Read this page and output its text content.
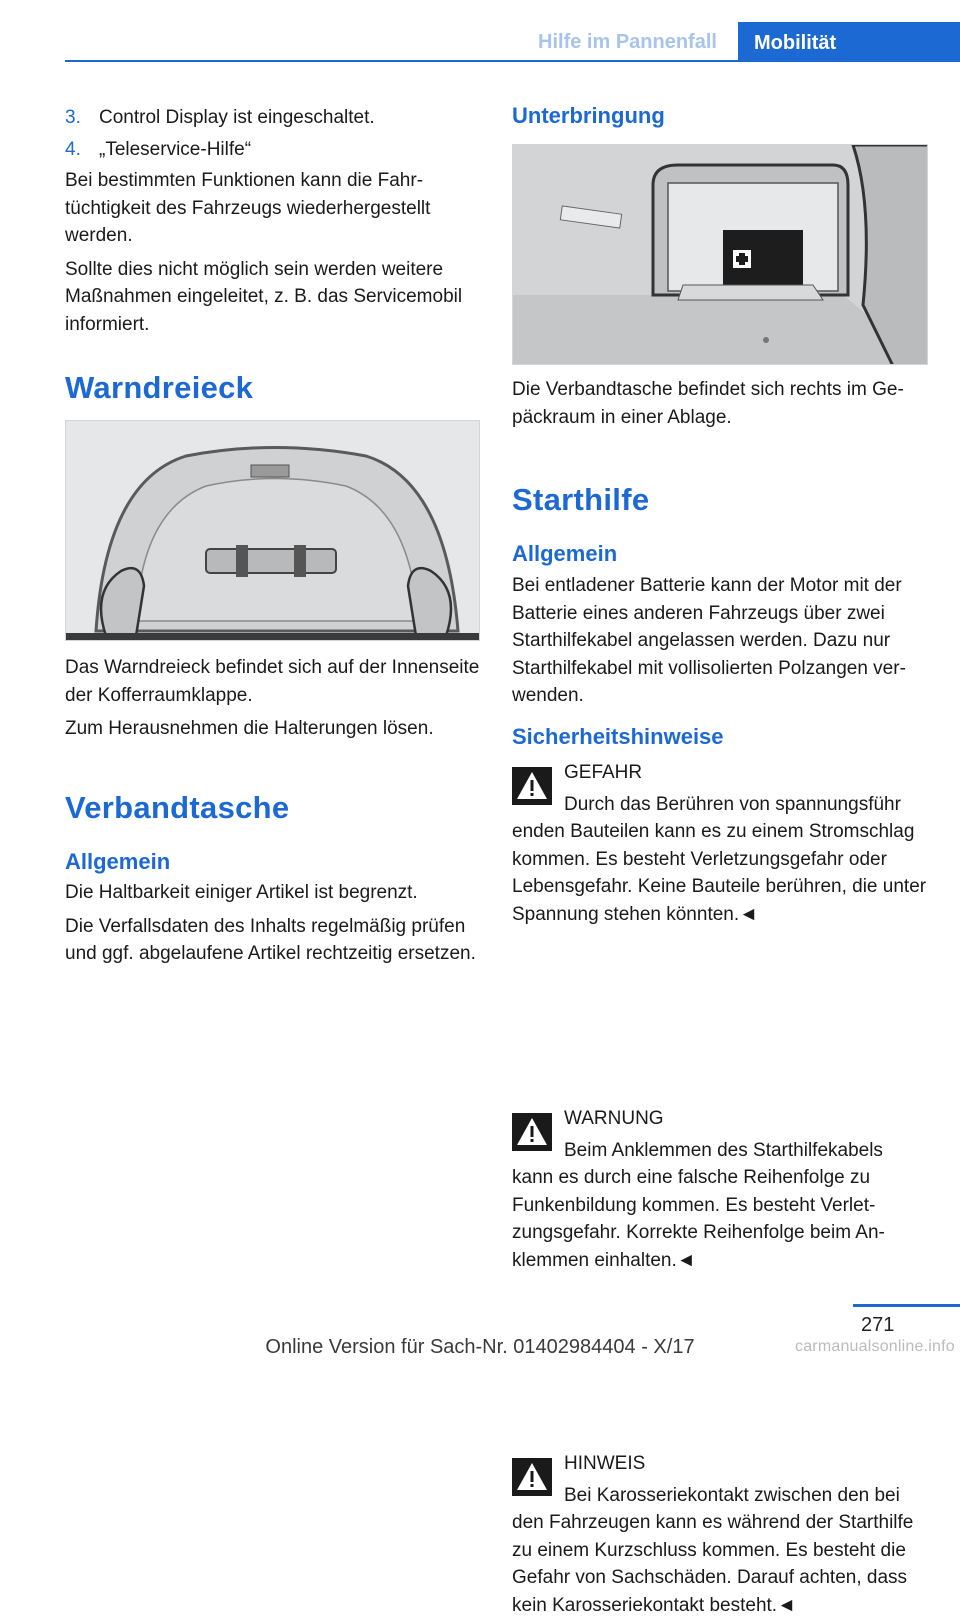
Hilfe im Pannenfall	Mobilität
3. Control Display ist eingeschaltet.
4. „Teleservice-Hilfe“

Bei bestimmten Funktionen kann die Fahrtüchtigkeit des Fahrzeugs wiederhergestellt werden.

Sollte dies nicht möglich sein werden weitere Maßnahmen eingeleitet, z. B. das Servicemobil informiert.

Warndreieck

Das Warndreieck befindet sich auf der Innenseite der Kofferraumklappe.

Zum Herausnehmen die Halterungen lösen.

Verbandtasche
Allgemein

Die Haltbarkeit einiger Artikel ist begrenzt.

Die Verfallsdaten des Inhalts regelmäßig prüfen und ggf. abgelaufene Artikel rechtzeitig ersetzen.

Unterbringung

Die Verbandtasche befindet sich rechts im Gepäckraum in einer Ablage.

Starthilfe
Allgemein

Bei entladener Batterie kann der Motor mit der Batterie eines anderen Fahrzeugs über zwei Starthilfekabel angelassen werden. Dazu nur Starthilfekabel mit vollisolierten Polzangen verwenden.

Sicherheitshinweise

GEFAHR

Durch das Berühren von spannungsführ

enden Bauteilen kann es zu einem Stromschlag kommen. Es besteht Verletzungsgefahr oder Lebensgefahr. Keine Bauteile berühren, die unter Spannung stehen könnten.◄

WARNUNG

Beim Anklemmen des Starthilfekabels

kann es durch eine falsche Reihenfolge zu Funkenbildung kommen. Es besteht Verletzungsgefahr. Korrekte Reihenfolge beim Anklemmen einhalten.◄

HINWEIS

Bei Karosseriekontakt zwischen den bei

den Fahrzeugen kann es während der Starthilfe zu einem Kurzschluss kommen. Es besteht die Gefahr von Sachschäden. Darauf achten, dass kein Karosseriekontakt besteht.◄

271
Online Version für Sach-Nr. 01402984404 - X/17	carmanualsonline.info
